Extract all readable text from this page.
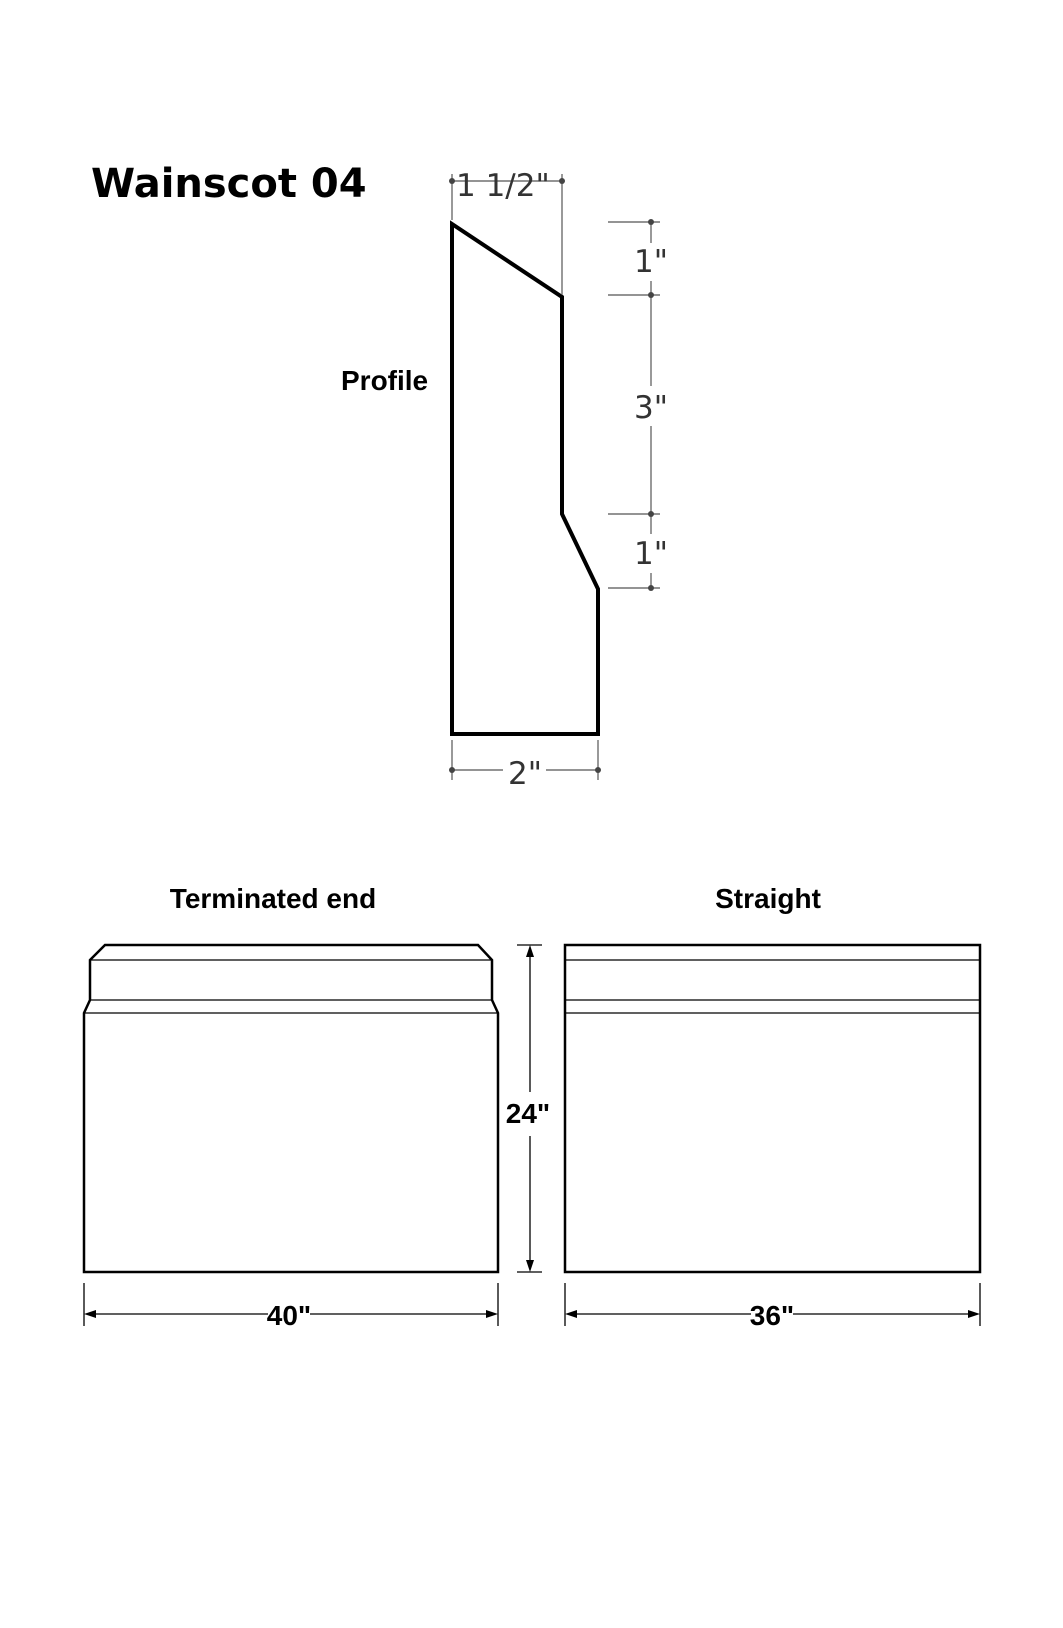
Wainscot 04
Profile
1 1/2"
1"
3"
1"
2"
Terminated end
40"
24"
Straight
36"
